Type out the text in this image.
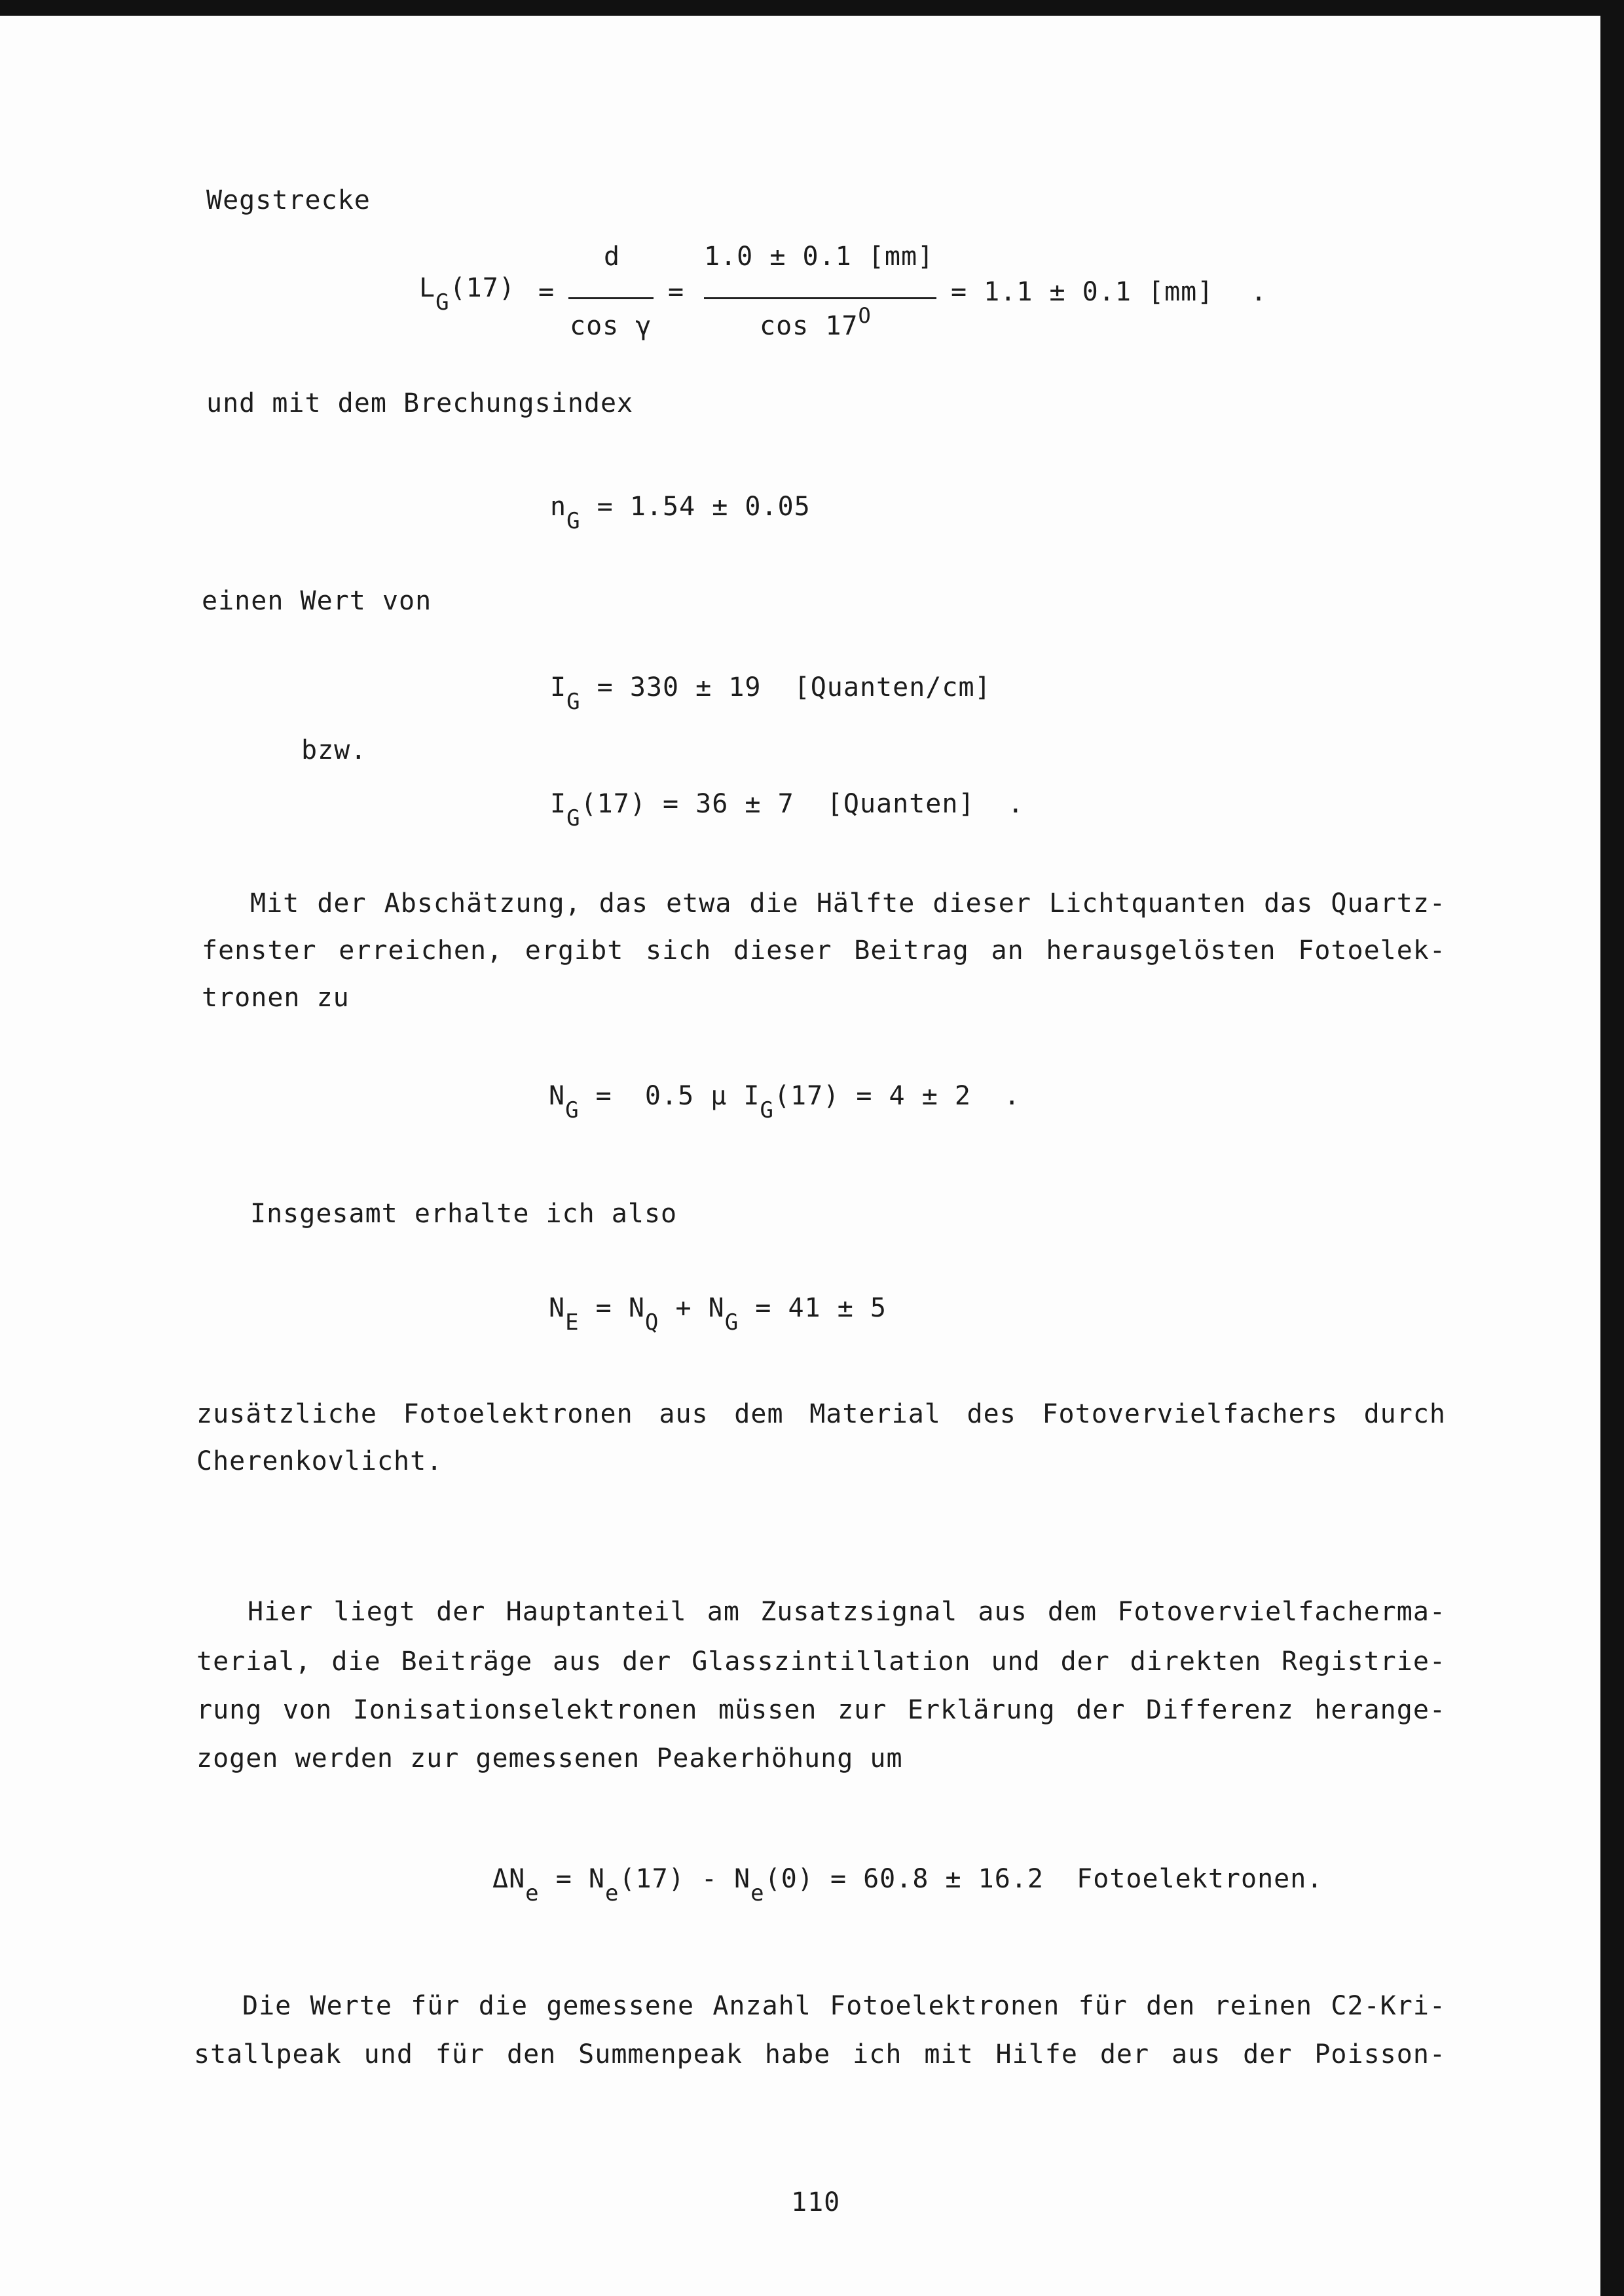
Wegstrecke
$L_G(17)$ =
d
cos γ
=
1.0 ± 0.1 [mm]
$\cos 17^O$
= 1.1 ± 0.1 [mm] .
und mit dem Brechungsindex
$n_G = 1.54 \pm 0.05$
einen Wert von
$I_G = 330 \pm 19$  [Quanten/cm]
bzw.
$I_G(17) = 36 \pm 7$  [Quanten]  .
Mit der Abschätzung, das etwa die Hälfte dieser Lichtquanten das Quartz-
fenster erreichen, ergibt sich dieser Beitrag an herausgelösten Fotoelek-
tronen zu
$N_G = 0.5$ μ $I_G(17) = 4 \pm 2$  .
Insgesamt erhalte ich also
$N_E = N_Q + N_G = 41 \pm 5$
zusätzliche Fotoelektronen aus dem Material des Fotovervielfachers durch
Cherenkovlicht.
Hier liegt der Hauptanteil am Zusatzsignal aus dem Fotovervielfacherma-
terial, die Beiträge aus der Glasszintillation und der direkten Registrie-
rung von Ionisationselektronen müssen zur Erklärung der Differenz herange-
zogen werden zur gemessenen Peakerhöhung um
$\Delta N_e = N_e(17) - N_e(0) = 60.8 \pm 16.2$  Fotoelektronen.
Die Werte für die gemessene Anzahl Fotoelektronen für den reinen C2-Kri-
stallpeak und für den Summenpeak habe ich mit Hilfe der aus der Poisson-
110
